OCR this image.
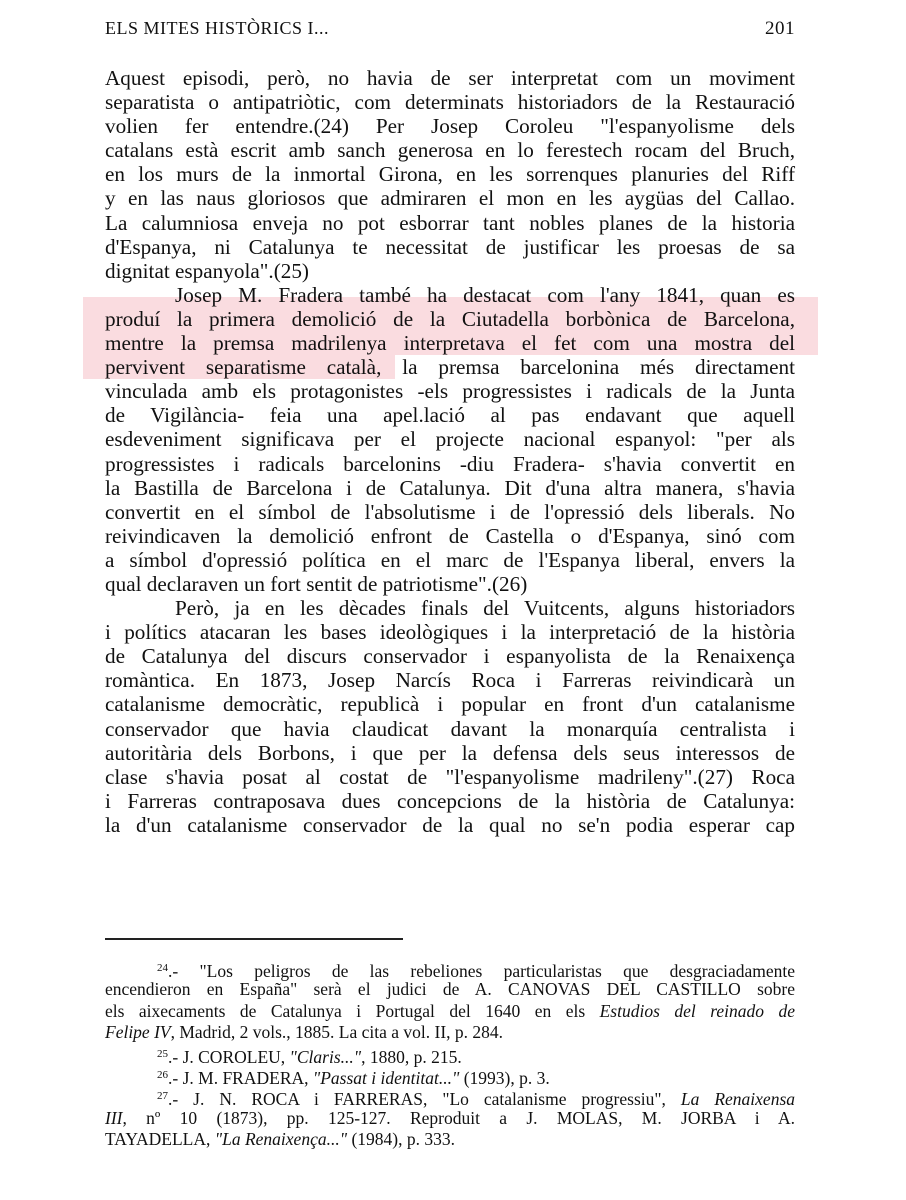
ELS MITES HISTÒRICS I...	201
Aquest episodi, però, no havia de ser interpretat com un moviment
separatista o antipatriòtic, com determinats historiadors de la Restauració
volien fer entendre.(24) Per Josep Coroleu "l'espanyolisme dels
catalans està escrit amb sanch generosa en lo ferestech rocam del Bruch,
en los murs de la inmortal Girona, en les sorrenques planuries del Riff
y en las naus gloriosos que admiraren el mon en les aygüas del Callao.
La calumniosa enveja no pot esborrar tant nobles planes de la historia
d'Espanya, ni Catalunya te necessitat de justificar les proesas de sa
dignitat espanyola".(25)
Josep M. Fradera també ha destacat com l'any 1841, quan es
produí la primera demolició de la Ciutadella borbònica de Barcelona,
mentre la premsa madrilenya interpretava el fet com una mostra del
pervivent separatisme català, la premsa barcelonina més directament
vinculada amb els protagonistes -els progressistes i radicals de la Junta
de Vigilància- feia una apel.lació al pas endavant que aquell
esdeveniment significava per el projecte nacional espanyol: "per als
progressistes i radicals barcelonins -diu Fradera- s'havia convertit en
la Bastilla de Barcelona i de Catalunya. Dit d'una altra manera, s'havia
convertit en el símbol de l'absolutisme i de l'opressió dels liberals. No
reivindicaven la demolició enfront de Castella o d'Espanya, sinó com
a símbol d'opressió política en el marc de l'Espanya liberal, envers la
qual declaraven un fort sentit de patriotisme".(26)
Però, ja en les dècades finals del Vuitcents, alguns historiadors
i polítics atacaran les bases ideològiques i la interpretació de la història
de Catalunya del discurs conservador i espanyolista de la Renaixença
romàntica. En 1873, Josep Narcís Roca i Farreras reivindicarà un
catalanisme democràtic, republicà i popular en front d'un catalanisme
conservador que havia claudicat davant la monarquía centralista i
autoritària dels Borbons, i que per la defensa dels seus interessos de
clase s'havia posat al costat de "l'espanyolisme madrileny".(27) Roca
i Farreras contraposava dues concepcions de la història de Catalunya:
la d'un catalanisme conservador de la qual no se'n podia esperar cap
$^{24}$.- "Los peligros de las rebeliones particularistas que desgraciadamente
encendieron en España" serà el judici de A. CANOVAS DEL CASTILLO sobre
els aixecaments de Catalunya i Portugal del 1640 en els Estudios del reinado de
Felipe IV, Madrid, 2 vols., 1885. La cita a vol. II, p. 284.
$^{25}$.- J. COROLEU, "Claris...", 1880, p. 215.
$^{26}$.- J. M. FRADERA, "Passat i identitat..." (1993), p. 3.
$^{27}$.- J. N. ROCA i FARRERAS, "Lo catalanisme progressiu", La Renaixensa
III, nº 10 (1873), pp. 125-127. Reproduit a J. MOLAS, M. JORBA i A.
TAYADELLA, "La Renaixença..." (1984), p. 333.
